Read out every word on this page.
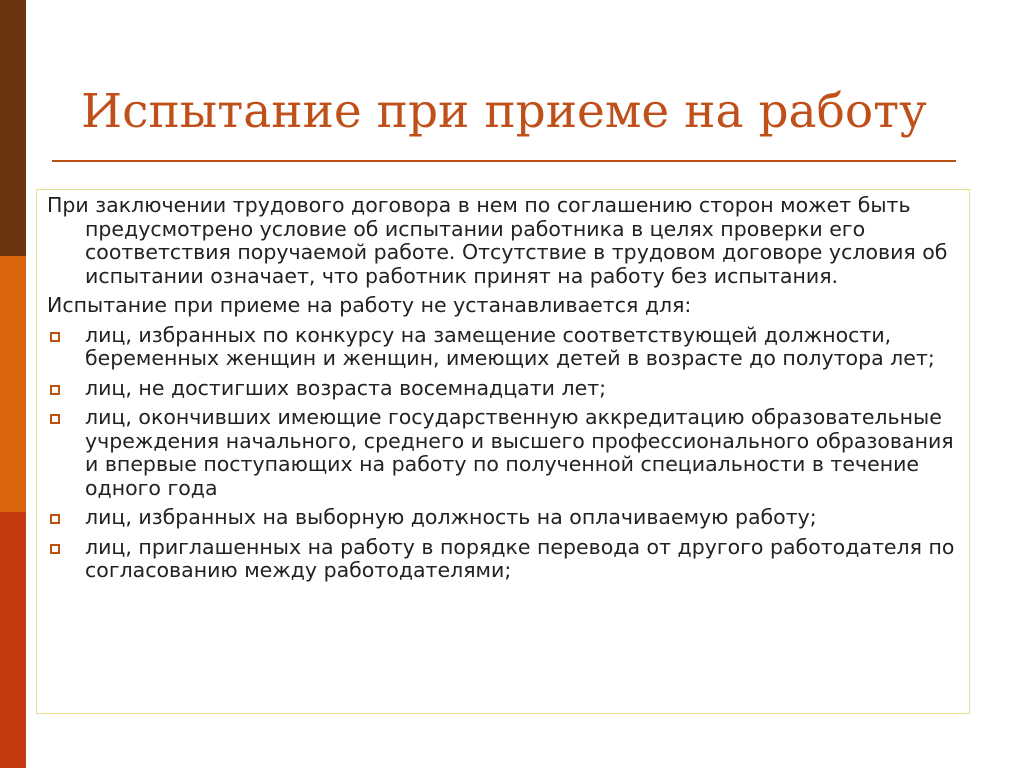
Испытание при приеме на работу

При заключении трудового договора в нем по соглашению сторон может быть предусмотрено условие об испытании работника в целях проверки его соответствия поручаемой работе. Отсутствие в трудовом договоре условия об испытании означает, что работник принят на работу без испытания.

Испытание при приеме на работу не устанавливается для:

лиц, избранных по конкурсу на замещение соответствующей должности, беременных женщин и женщин, имеющих детей в возрасте до полутора лет;
лиц, не достигших возраста восемнадцати лет;
лиц, окончивших имеющие государственную аккредитацию образовательные учреждения начального, среднего и высшего профессионального образования и впервые поступающих на работу по полученной специальности в течение одного года
лиц, избранных на выборную должность на оплачиваемую работу;
лиц, приглашенных на работу в порядке перевода от другого работодателя по согласованию между работодателями;
